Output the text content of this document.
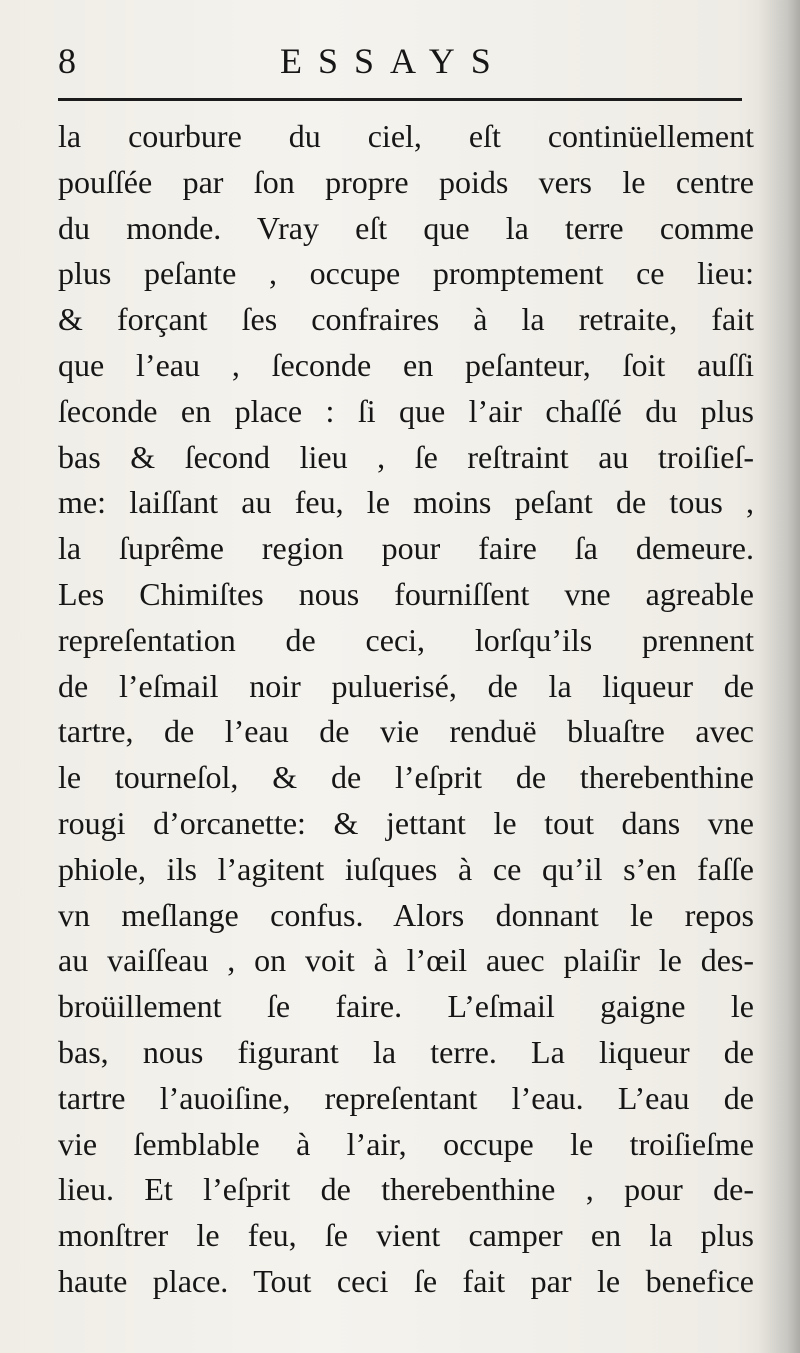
8	ESSAYS
la courbure du ciel, eſt continüellement
pouſſée par ſon propre poids vers le centre
du monde. Vray eſt que la terre comme
plus peſante , occupe promptement ce lieu:
& forçant ſes confraires à la retraite, fait
que l’eau , ſeconde en peſanteur, ſoit auſſi
ſeconde en place : ſi que l’air chaſſé du plus
bas & ſecond lieu , ſe reſtraint au troiſieſ-
me: laiſſant au feu, le moins peſant de tous ,
la ſuprême region pour faire ſa demeure.
Les Chimiſtes nous fourniſſent vne agreable
repreſentation de ceci, lorſqu’ils prennent
de l’eſmail noir puluerisé, de la liqueur de
tartre, de l’eau de vie renduë bluaſtre avec
le tourneſol, & de l’eſprit de therebenthine
rougi d’orcanette: & jettant le tout dans vne
phiole, ils l’agitent iuſques à ce qu’il s’en faſſe
vn meſlange confus. Alors donnant le repos
au vaiſſeau , on voit à l’œil auec plaiſir le des-
broüillement ſe faire. L’eſmail gaigne le
bas, nous figurant la terre. La liqueur de
tartre l’auoiſine, repreſentant l’eau. L’eau de
vie ſemblable à l’air, occupe le troiſieſme
lieu. Et l’eſprit de therebenthine , pour de-
monſtrer le feu, ſe vient camper en la plus
haute place. Tout ceci ſe fait par le benefice
